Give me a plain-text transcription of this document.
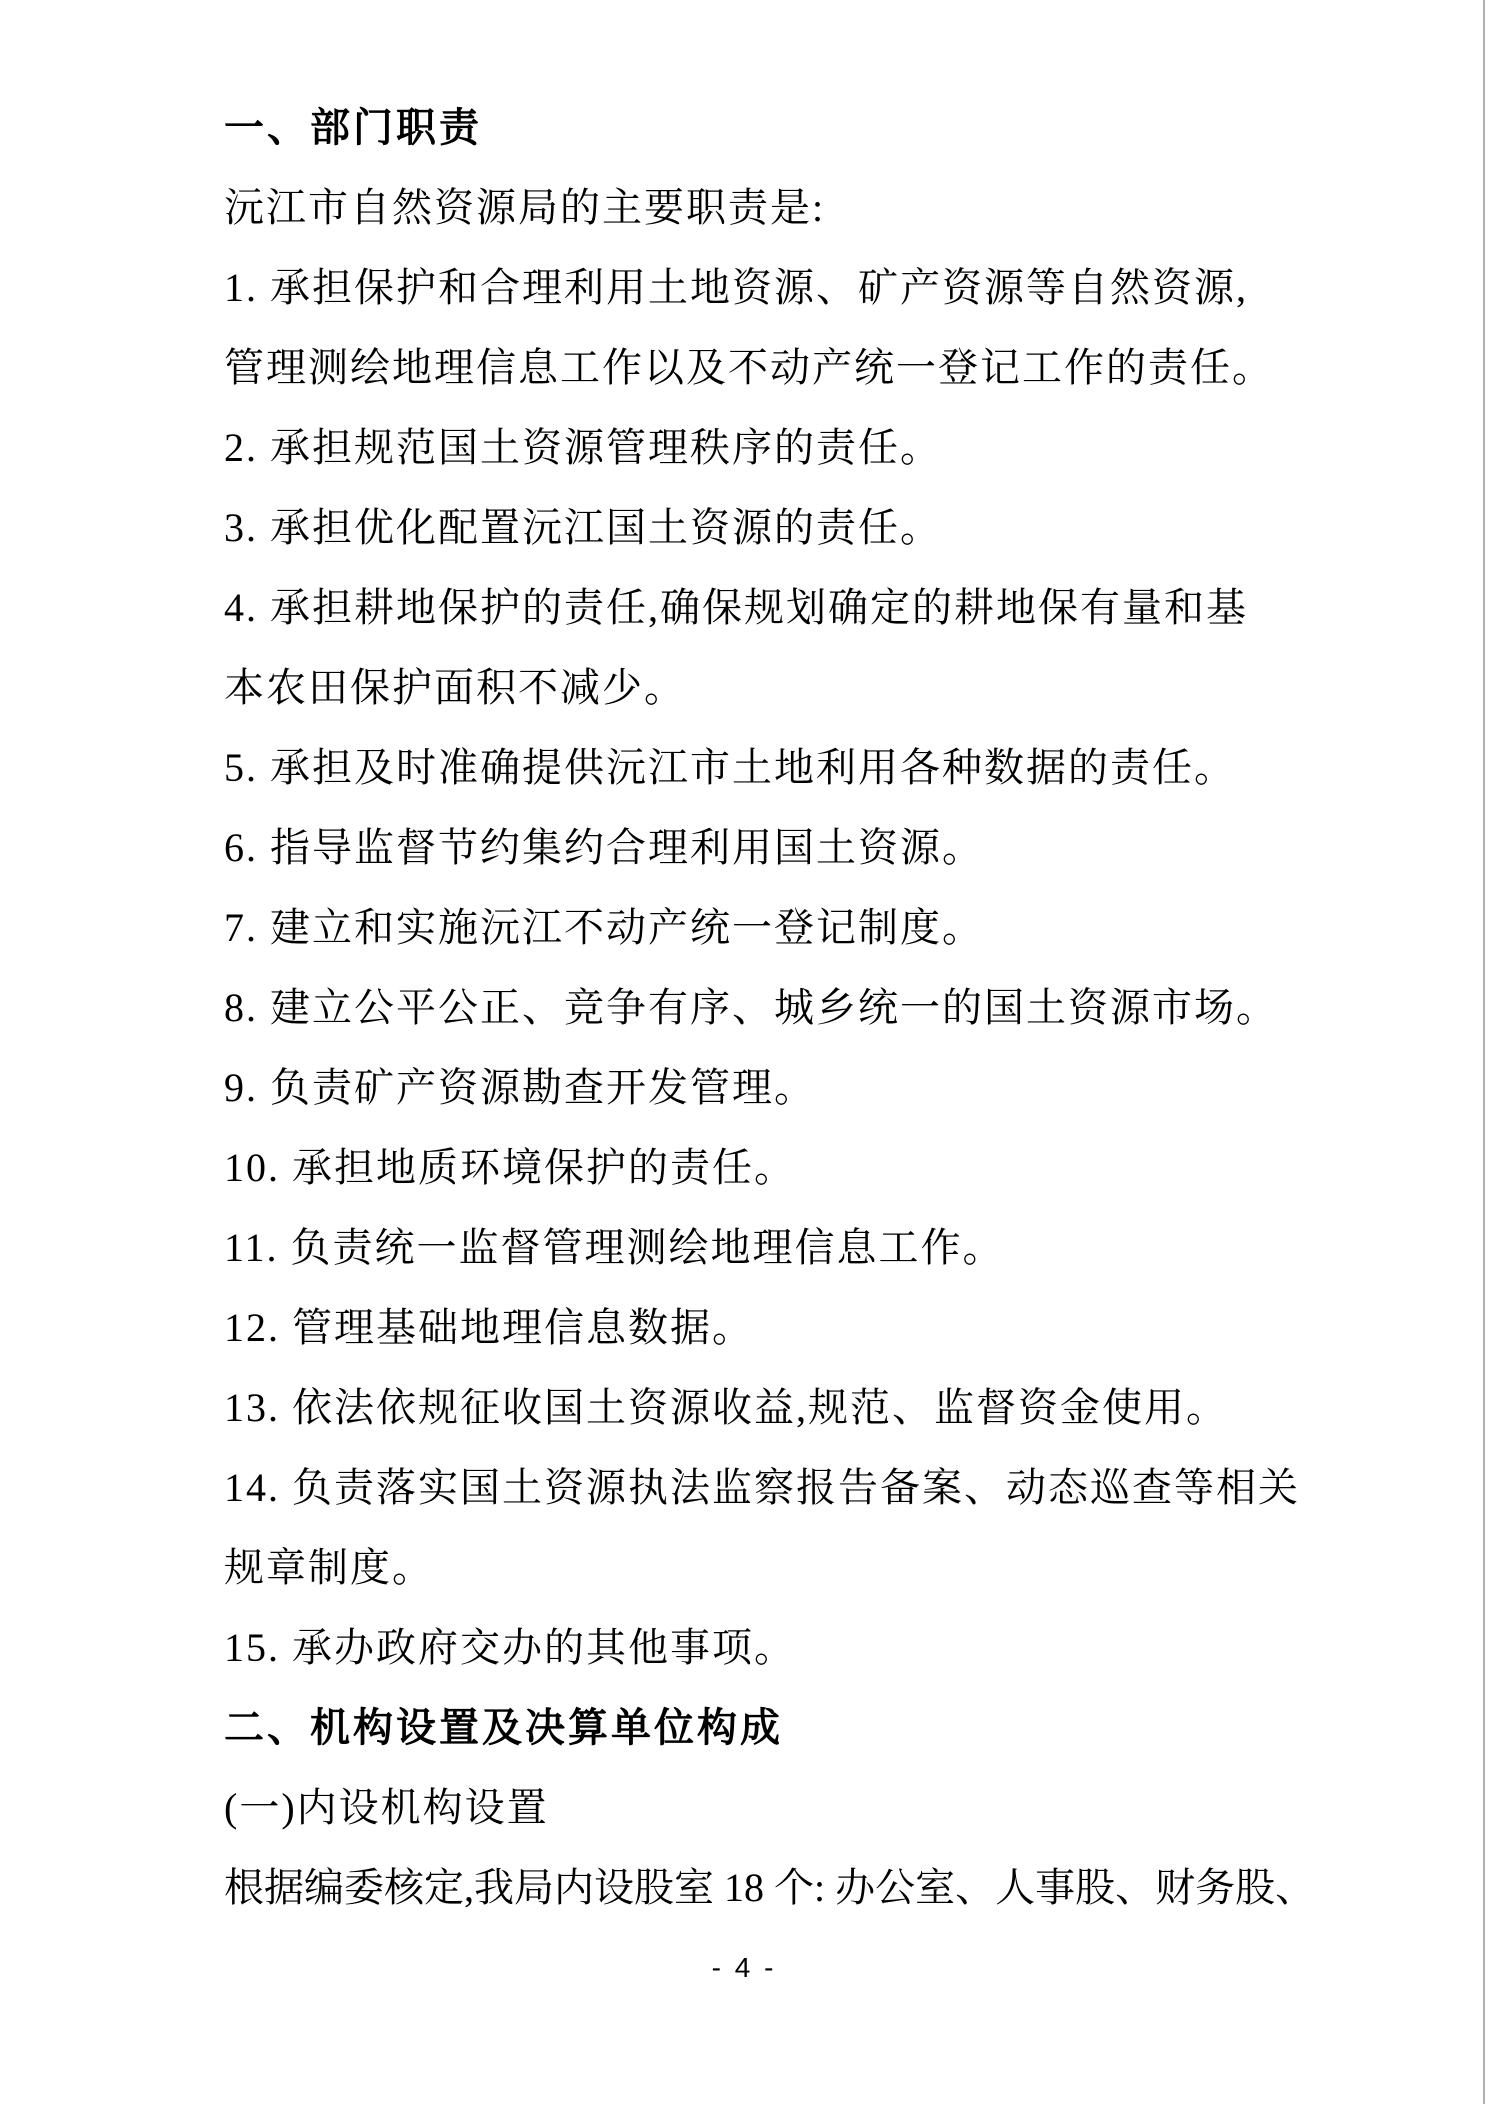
一、部门职责
沅江市自然资源局的主要职责是:
1. 承担保护和合理利用土地资源、矿产资源等自然资源,
管理测绘地理信息工作以及不动产统一登记工作的责任。
2. 承担规范国土资源管理秩序的责任。
3. 承担优化配置沅江国土资源的责任。
4. 承担耕地保护的责任,确保规划确定的耕地保有量和基
本农田保护面积不减少。
5. 承担及时准确提供沅江市土地利用各种数据的责任。
6. 指导监督节约集约合理利用国土资源。
7. 建立和实施沅江不动产统一登记制度。
8. 建立公平公正、竞争有序、城乡统一的国土资源市场。
9. 负责矿产资源勘查开发管理。
10. 承担地质环境保护的责任。
11. 负责统一监督管理测绘地理信息工作。
12. 管理基础地理信息数据。
13. 依法依规征收国土资源收益,规范、监督资金使用。
14. 负责落实国土资源执法监察报告备案、动态巡查等相关
规章制度。
15. 承办政府交办的其他事项。
二、机构设置及决算单位构成
(一)内设机构设置
根据编委核定,我局内设股室 18 个: 办公室、人事股、财务股、
- 4 -
